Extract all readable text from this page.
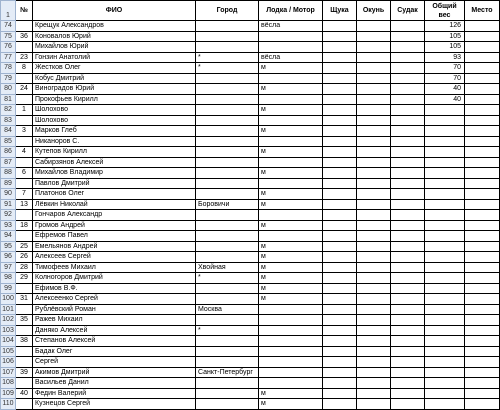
1	№	ФИО	Город	Лодка / Мотор	Щука	Окунь	Судак	Общий вес	Место
74		Крещук Александров		вёсла				126	
75	36	Коновалов Юрий						105	
76		Михайлов Юрий						105	
77	23	Гонзин Анатолий	*	вёсла				93	
78	8	Жестков Олег	*	м				70	
79		Кобус Дмитрий						70	
80	24	Виноградов Юрий		м				40	
81		Прокофьев Кирилл						40	
82	1	Шолохово		м					
83		Шолохово							
84	3	Марков Глеб		м					
85		Никаноров С.							
86	4	Кутепов Кирилл		м					
87		Сабирзянов Алексей							
88	6	Михайлов Владимир		м					
89		Павлов Дмитрий							
90	7	Платонов Олег		м					
91	13	Лёвкин Николай	Боровичи	м					
92		Гончаров Александр							
93	18	Громов Андрей		м					
94		Ефремов Павел							
95	25	Емельянов Андрей		м					
96	26	Алексеев Сергей		м					
97	28	Тимофеев Михаил	Хвойная	м					
98	29	Колногоров Дмитрий	*	м					
99		Ефимов В.Ф.		м					
100	31	Алексеенко Сергей		м					
101		Рублёвский Роман	Москва						
102	35	Ражев Михаил							
103		Даняко Алексей	*						
104	38	Степанов Алексей							
105		Бадак Олег							
106		Сергей							
107	39	Акимов Дмитрий	Санкт-Петербург						
108		Васильев Данил							
109	40	Федин Валерий		м					
110		Кузнецов Сергей		м					
